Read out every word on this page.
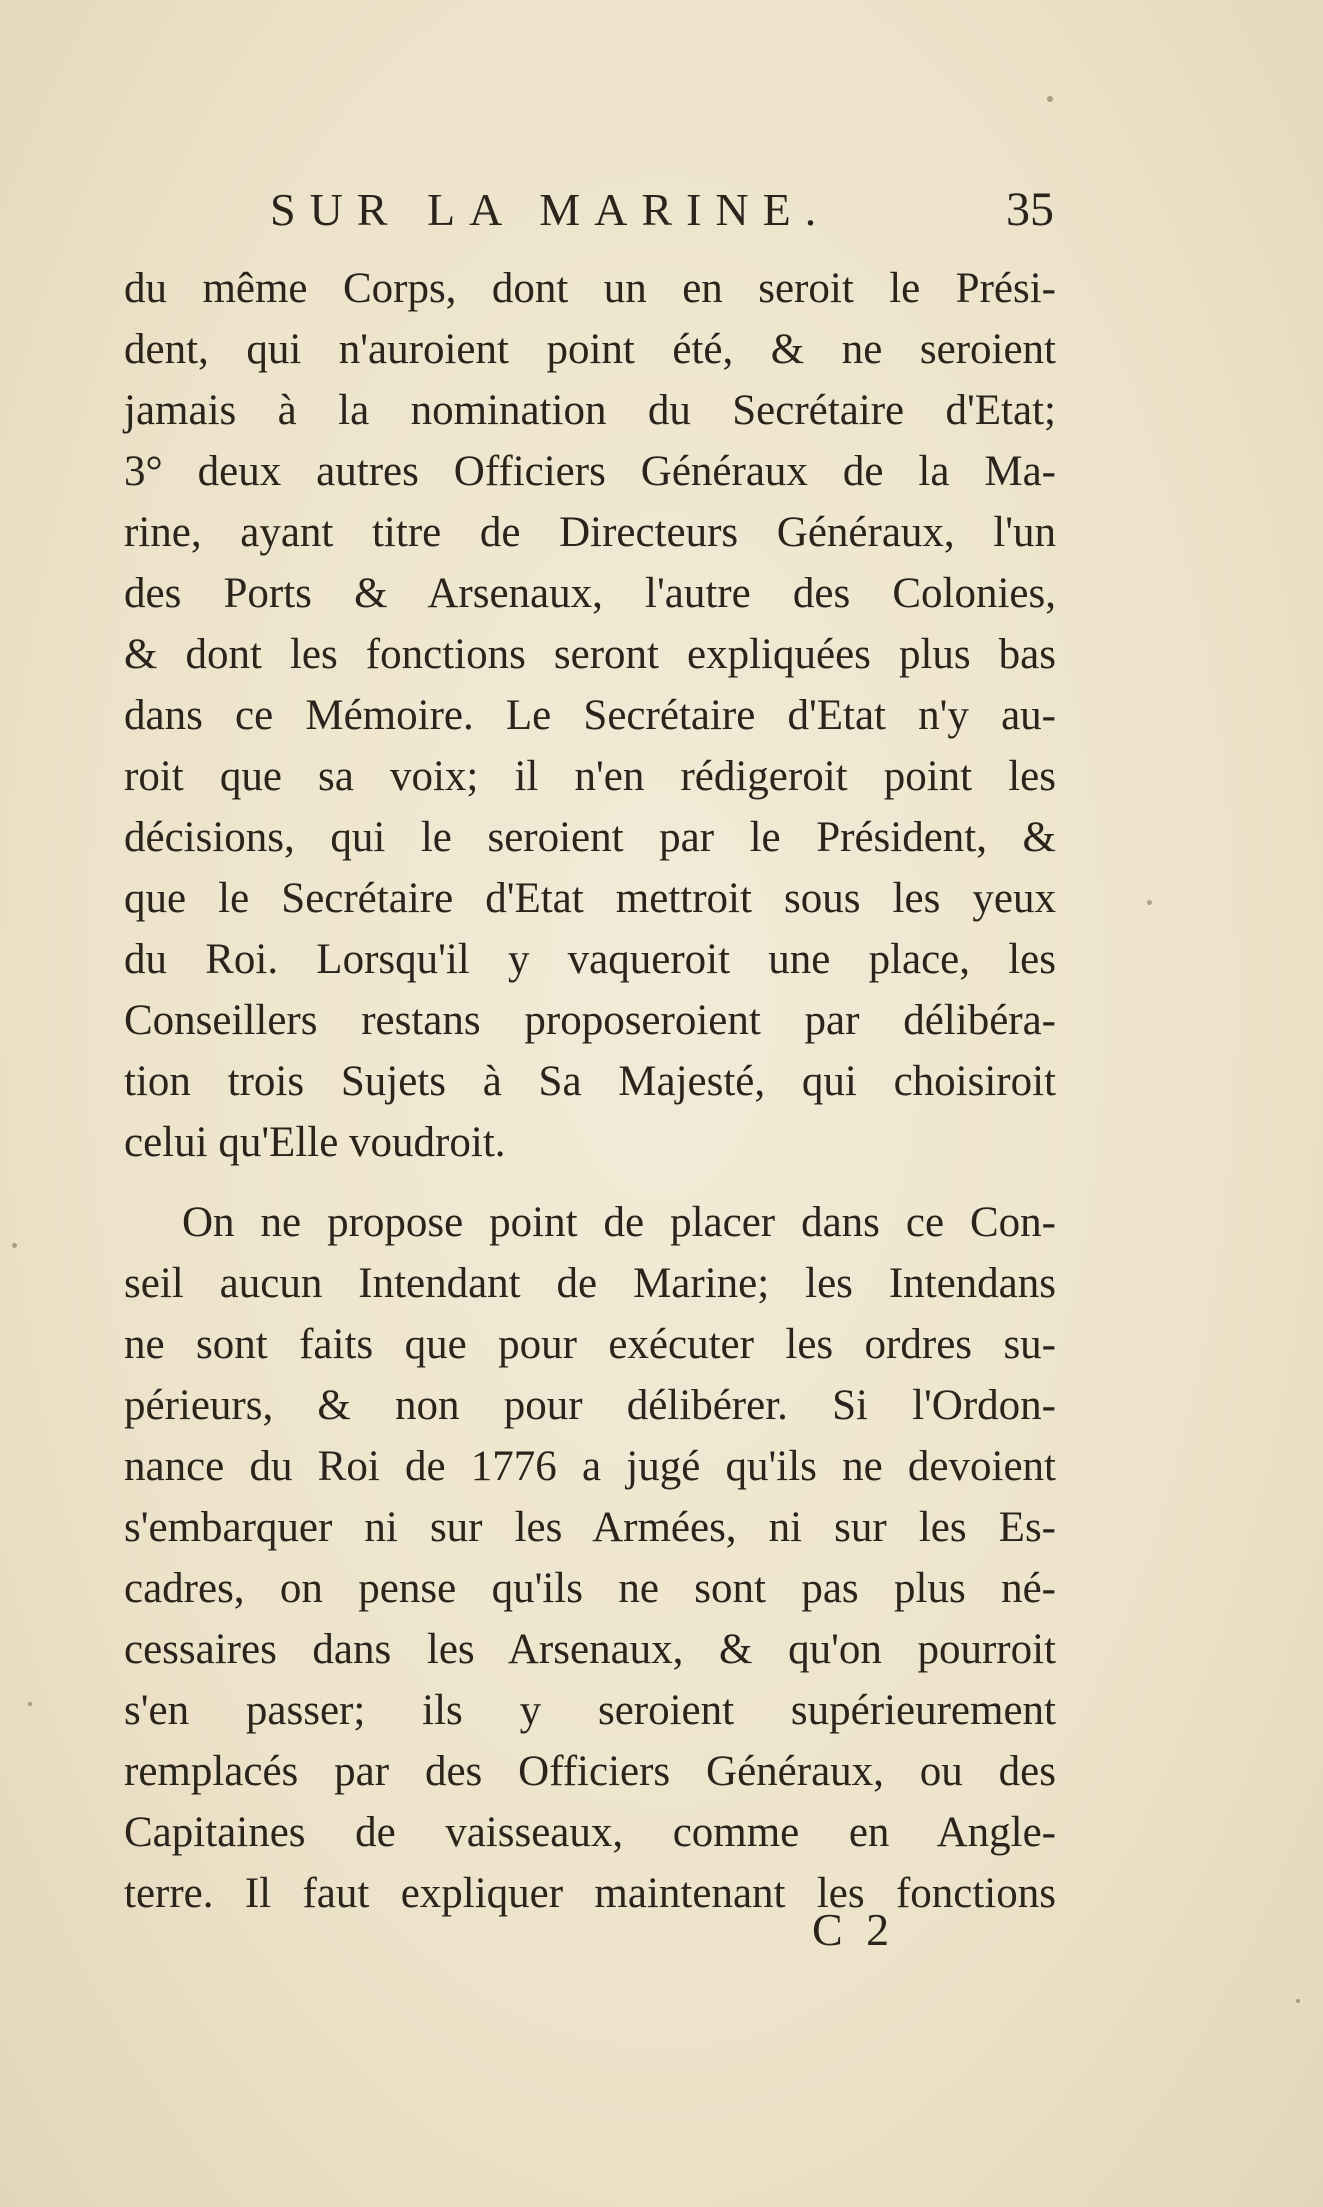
SUR LA MARINE.	35
du même Corps, dont un en seroit le Prési-
dent, qui n'auroient point été, & ne seroient
jamais à la nomination du Secrétaire d'Etat;
3° deux autres Officiers Généraux de la Ma-
rine, ayant titre de Directeurs Généraux, l'un
des Ports & Arsenaux, l'autre des Colonies,
& dont les fonctions seront expliquées plus bas
dans ce Mémoire. Le Secrétaire d'Etat n'y au-
roit que sa voix; il n'en rédigeroit point les
décisions, qui le seroient par le Président, &
que le Secrétaire d'Etat mettroit sous les yeux
du Roi. Lorsqu'il y vaqueroit une place, les
Conseillers restans proposeroient par délibéra-
tion trois Sujets à Sa Majesté, qui choisiroit
celui qu'Elle voudroit.
On ne propose point de placer dans ce Con-
seil aucun Intendant de Marine; les Intendans
ne sont faits que pour exécuter les ordres su-
périeurs, & non pour délibérer. Si l'Ordon-
nance du Roi de 1776 a jugé qu'ils ne devoient
s'embarquer ni sur les Armées, ni sur les Es-
cadres, on pense qu'ils ne sont pas plus né-
cessaires dans les Arsenaux, & qu'on pourroit
s'en passer; ils y seroient supérieurement
remplacés par des Officiers Généraux, ou des
Capitaines de vaisseaux, comme en Angle-
terre. Il faut expliquer maintenant les fonctions
C 2
